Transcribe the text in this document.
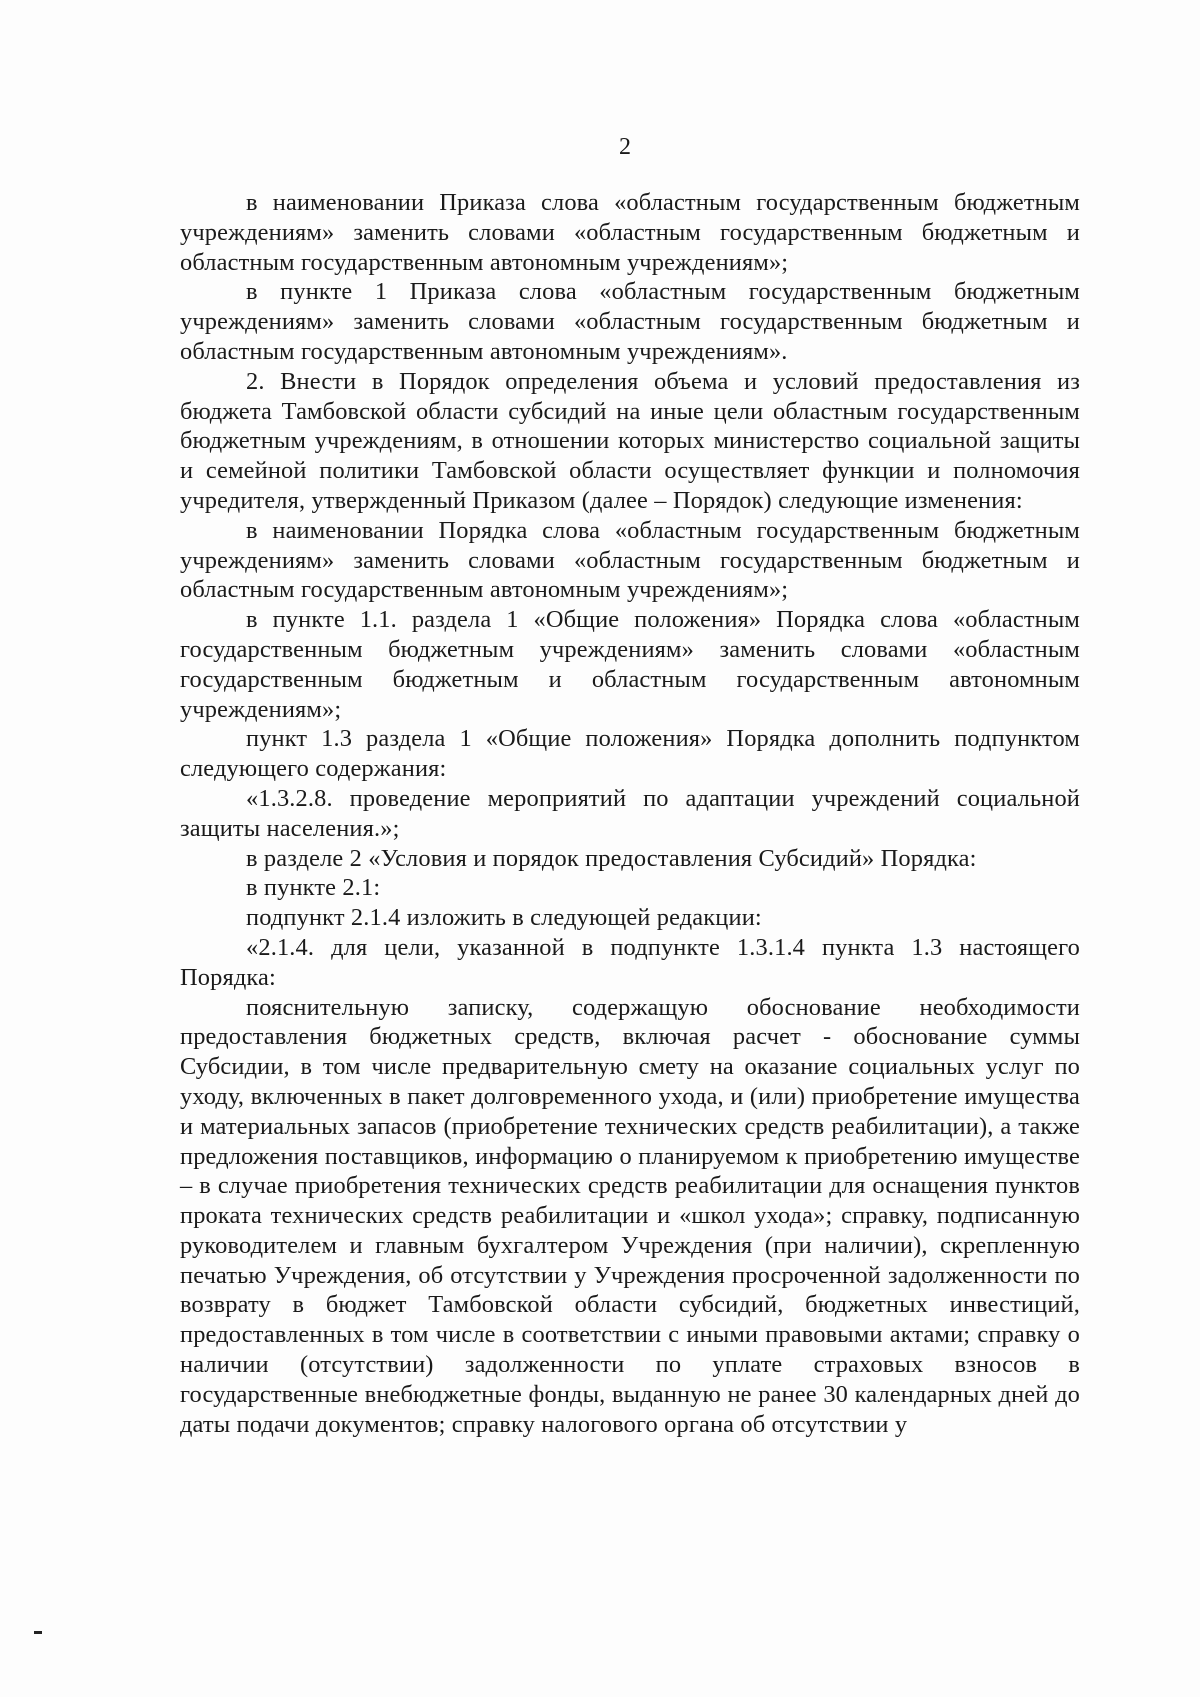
2

в наименовании Приказа слова «областным государственным бюджетным учреждениям» заменить словами «областным государственным бюджетным и областным государственным автономным учреждениям»;

в пункте 1 Приказа слова «областным государственным бюджетным учреждениям» заменить словами «областным государственным бюджетным и областным государственным автономным учреждениям».

2. Внести в Порядок определения объема и условий предоставления из бюджета Тамбовской области субсидий на иные цели областным государственным бюджетным учреждениям, в отношении которых министерство социальной защиты и семейной политики Тамбовской области осуществляет функции и полномочия учредителя, утвержденный Приказом (далее – Порядок) следующие изменения:

в наименовании Порядка слова «областным государственным бюджетным учреждениям» заменить словами «областным государственным бюджетным и областным государственным автономным учреждениям»;

в пункте 1.1. раздела 1 «Общие положения» Порядка слова «областным государственным бюджетным учреждениям» заменить словами «областным государственным бюджетным и областным государственным автономным учреждениям»;

пункт 1.3 раздела 1 «Общие положения» Порядка дополнить подпунктом следующего содержания:

«1.3.2.8. проведение мероприятий по адаптации учреждений социальной защиты населения.»;

в разделе 2 «Условия и порядок предоставления Субсидий» Порядка:

в пункте 2.1:

подпункт 2.1.4 изложить в следующей редакции:

«2.1.4. для цели, указанной в подпункте 1.3.1.4 пункта 1.3 настоящего Порядка:

пояснительную записку, содержащую обоснование необходимости предоставления бюджетных средств, включая расчет - обоснование суммы Субсидии, в том числе предварительную смету на оказание социальных услуг по уходу, включенных в пакет долговременного ухода, и (или) приобретение имущества и материальных запасов (приобретение технических средств реабилитации), а также предложения поставщиков, информацию о планируемом к приобретению имуществе – в случае приобретения технических средств реабилитации для оснащения пунктов проката технических средств реабилитации и «школ ухода»; справку, подписанную руководителем и главным бухгалтером Учреждения (при наличии), скрепленную печатью Учреждения, об отсутствии у Учреждения просроченной задолженности по возврату в бюджет Тамбовской области субсидий, бюджетных инвестиций, предоставленных в том числе в соответствии с иными правовыми актами; справку о наличии (отсутствии) задолженности по уплате страховых взносов в государственные внебюджетные фонды, выданную не ранее 30 календарных дней до даты подачи документов; справку налогового органа об отсутствии у
